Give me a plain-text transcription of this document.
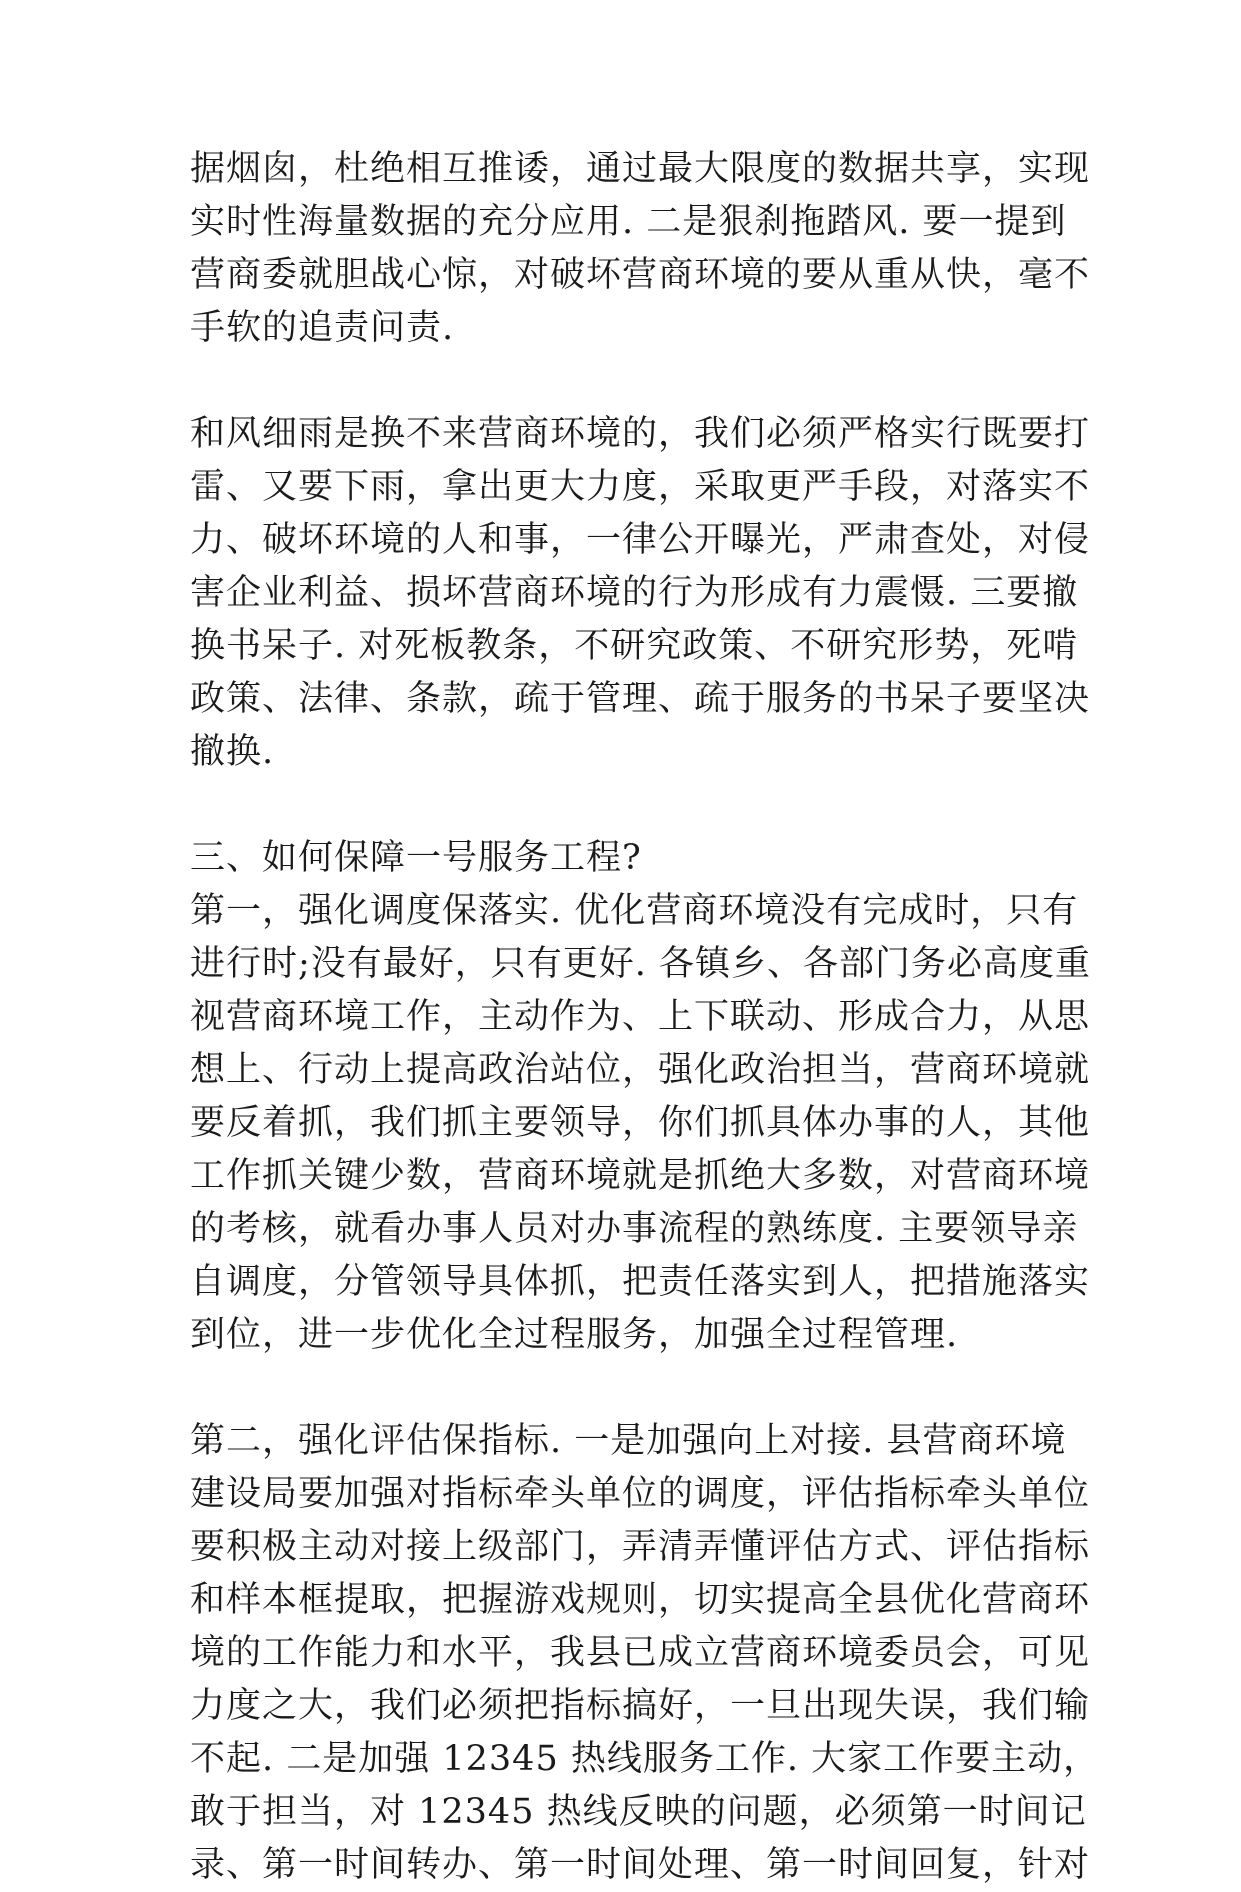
据烟囱，杜绝相互推诿，通过最大限度的数据共享，实现
实时性海量数据的充分应用. 二是狠刹拖踏风. 要一提到
营商委就胆战心惊，对破坏营商环境的要从重从快，毫不
手软的追责问责.
和风细雨是换不来营商环境的，我们必须严格实行既要打
雷、又要下雨，拿出更大力度，采取更严手段，对落实不
力、破坏环境的人和事，一律公开曝光，严肃查处，对侵
害企业利益、损坏营商环境的行为形成有力震慑. 三要撤
换书呆子. 对死板教条，不研究政策、不研究形势，死啃
政策、法律、条款，疏于管理、疏于服务的书呆子要坚决
撤换.
三、如何保障一号服务工程?
第一，强化调度保落实. 优化营商环境没有完成时，只有
进行时;没有最好，只有更好. 各镇乡、各部门务必高度重
视营商环境工作，主动作为、上下联动、形成合力，从思
想上、行动上提高政治站位，强化政治担当，营商环境就
要反着抓，我们抓主要领导，你们抓具体办事的人，其他
工作抓关键少数，营商环境就是抓绝大多数，对营商环境
的考核，就看办事人员对办事流程的熟练度. 主要领导亲
自调度，分管领导具体抓，把责任落实到人，把措施落实
到位，进一步优化全过程服务，加强全过程管理.
第二，强化评估保指标. 一是加强向上对接. 县营商环境
建设局要加强对指标牵头单位的调度，评估指标牵头单位
要积极主动对接上级部门，弄清弄懂评估方式、评估指标
和样本框提取，把握游戏规则，切实提高全县优化营商环
境的工作能力和水平，我县已成立营商环境委员会，可见
力度之大，我们必须把指标搞好，一旦出现失误，我们输
不起. 二是加强 12345 热线服务工作. 大家工作要主动，
敢于担当，对 12345 热线反映的问题，必须第一时间记
录、第一时间转办、第一时间处理、第一时间回复，针对
